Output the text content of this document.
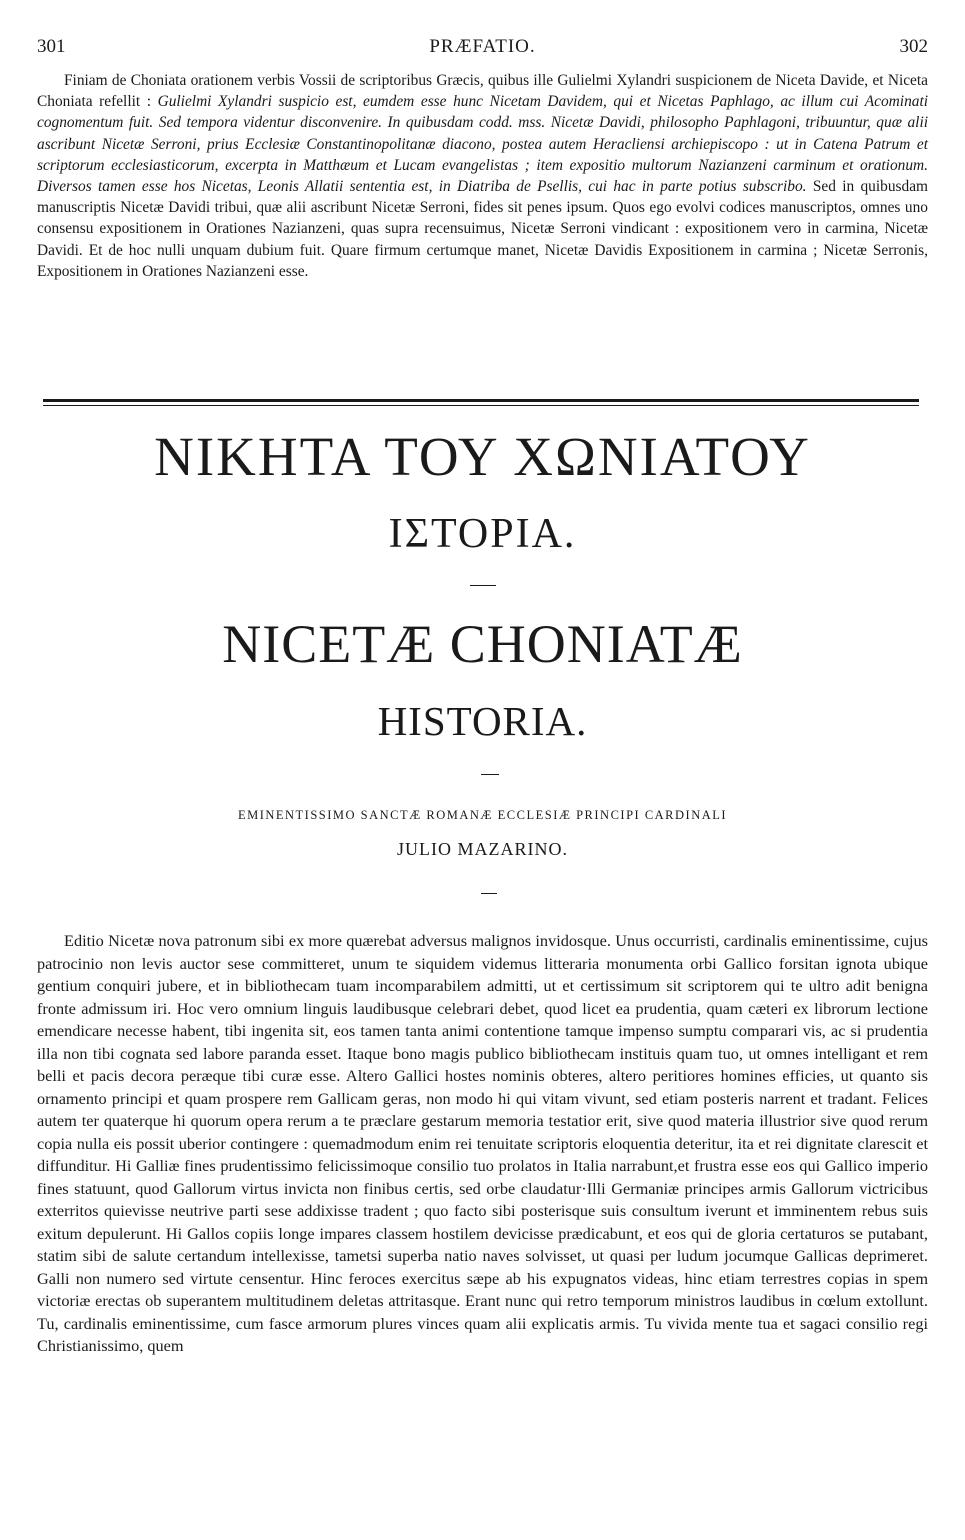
301	PRÆFATIO.	302

Finiam de Choniata orationem verbis Vossii de scriptoribus Græcis, quibus ille Gulielmi Xylandri suspicionem de Niceta Davide, et Niceta Choniata refellit : Gulielmi Xylandri suspicio est, eumdem esse hunc Nicetam Davidem, qui et Nicetas Paphlago, ac illum cui Acominati cognomentum fuit. Sed tempora videntur disconvenire. In quibusdam codd. mss. Nicetæ Davidi, philosopho Paphlagoni, tribuuntur, quæ alii ascribunt Nicetæ Serroni, prius Ecclesiæ Constantinopolitanæ diacono, postea autem Heracliensi archiepiscopo : ut in Catena Patrum et scriptorum ecclesiasticorum, excerpta in Matthæum et Lucam evangelistas ; item expositio multorum Nazianzeni carminum et orationum. Diversos tamen esse hos Nicetas, Leonis Allatii sententia est, in Diatriba de Psellis, cui hac in parte potius subscribo. Sed in quibusdam manuscriptis Nicetæ Davidi tribui, quæ alii ascribunt Nicetæ Serroni, fides sit penes ipsum. Quos ego evolvi codices manuscriptos, omnes uno consensu expositionem in Orationes Nazianzeni, quas supra recensuimus, Nicetæ Serroni vindicant : expositionem vero in carmina, Nicetæ Davidi. Et de hoc nulli unquam dubium fuit. Quare firmum certumque manet, Nicetæ Davidis Expositionem in carmina ; Nicetæ Serronis, Expositionem in Orationes Nazianzeni esse.

ΝΙΚΗΤΑ ΤΟΥ ΧΩΝΙΑΤΟΥ
ΙΣΤΟΡΙΑ.
NICETÆ CHONIATÆ
HISTORIA.
EMINENTISSIMO SANCTÆ ROMANÆ ECCLESIÆ PRINCIPI CARDINALI
JULIO MAZARINO.

Editio Nicetæ nova patronum sibi ex more quærebat adversus malignos invidosque. Unus occurristi, cardinalis eminentissime, cujus patrocinio non levis auctor sese committeret, unum te siquidem videmus litteraria monumenta orbi Gallico forsitan ignota ubique gentium conquiri jubere, et in bibliothecam tuam incomparabilem admitti, ut et certissimum sit scriptorem qui te ultro adit benigna fronte admissum iri. Hoc vero omnium linguis laudibusque celebrari debet, quod licet ea prudentia, quam cæteri ex librorum lectione emendicare necesse habent, tibi ingenita sit, eos tamen tanta animi contentione tamque impenso sumptu comparari vis, ac si prudentia illa non tibi cognata sed labore paranda esset. Itaque bono magis publico bibliothecam instituis quam tuo, ut omnes intelligant et rem belli et pacis decora peræque tibi curæ esse. Altero Gallici hostes nominis obteres, altero peritiores homines efficies, ut quanto sis ornamento principi et quam prospere rem Gallicam geras, non modo hi qui vitam vivunt, sed etiam posteris narrent et tradant. Felices autem ter quaterque hi quorum opera rerum a te præclare gestarum memoria testatior erit, sive quod materia illustrior sive quod rerum copia nulla eis possit uberior contingere : quemadmodum enim rei tenuitate scriptoris eloquentia deteritur, ita et rei dignitate clarescit et diffunditur. Hi Galliæ fines prudentissimo felicissimoque consilio tuo prolatos in Italia narrabunt,et frustra esse eos qui Gallico imperio fines statuunt, quod Gallorum virtus invicta non finibus certis, sed orbe claudatur·Illi Germaniæ principes armis Gallorum victricibus exterritos quievisse neutrive parti sese addixisse tradent ; quo facto sibi posterisque suis consultum iverunt et imminentem rebus suis exitum depulerunt. Hi Gallos copiis longe impares classem hostilem devicisse prædicabunt, et eos qui de gloria certaturos se putabant, statim sibi de salute certandum intellexisse, tametsi superba natio naves solvisset, ut quasi per ludum jocumque Gallicas deprimeret. Galli non numero sed virtute censentur. Hinc feroces exercitus sæpe ab his expugnatos videas, hinc etiam terrestres copias in spem victoriæ erectas ob superantem multitudinem deletas attritasque. Erant nunc qui retro temporum ministros laudibus in cœlum extollunt. Tu, cardinalis eminentissime, cum fasce armorum plures vinces quam alii explicatis armis. Tu vivida mente tua et sagaci consilio regi Christianissimo, quem
